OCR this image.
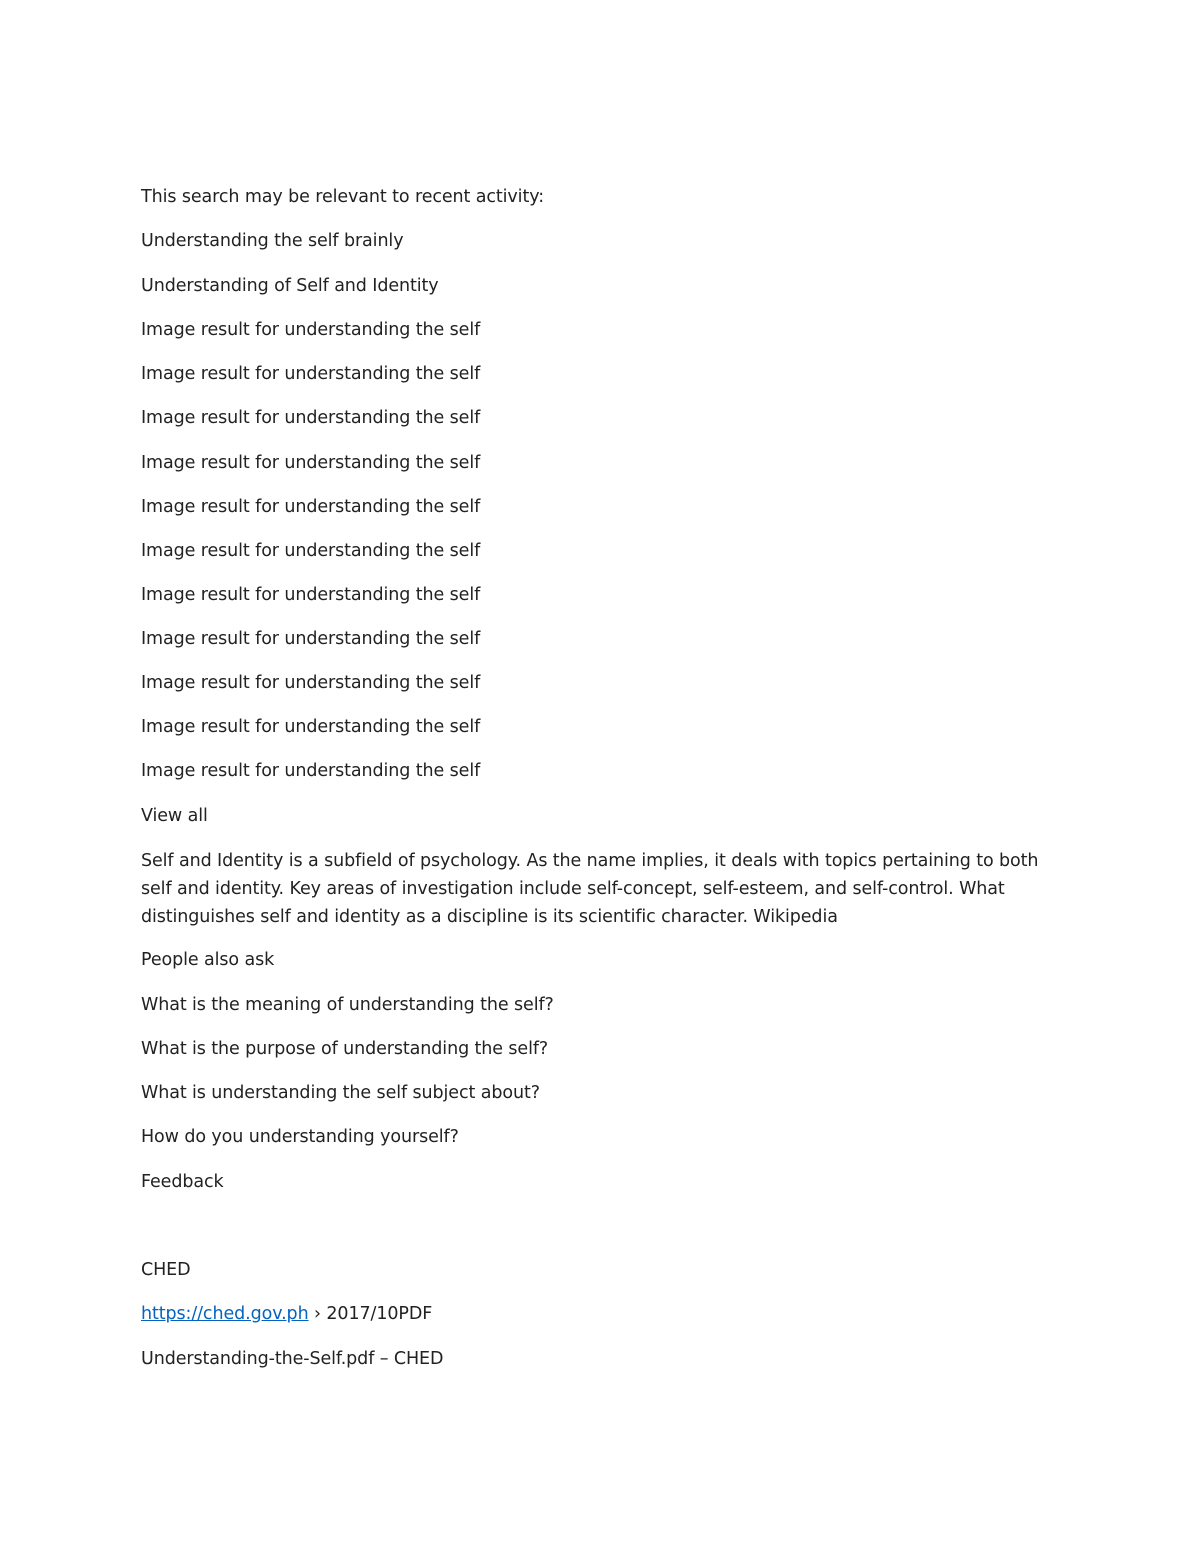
This search may be relevant to recent activity:

Understanding the self brainly

Understanding of Self and Identity

Image result for understanding the self

Image result for understanding the self

Image result for understanding the self

Image result for understanding the self

Image result for understanding the self

Image result for understanding the self

Image result for understanding the self

Image result for understanding the self

Image result for understanding the self

Image result for understanding the self

Image result for understanding the self

View all

Self and Identity is a subfield of psychology. As the name implies, it deals with topics pertaining to both self and identity. Key areas of investigation include self-concept, self-esteem, and self-control. What distinguishes self and identity as a discipline is its scientific character. Wikipedia

People also ask

What is the meaning of understanding the self?

What is the purpose of understanding the self?

What is understanding the self subject about?

How do you understanding yourself?

Feedback

CHED

https://ched.gov.ph › 2017/10PDF

Understanding-the-Self.pdf – CHED
